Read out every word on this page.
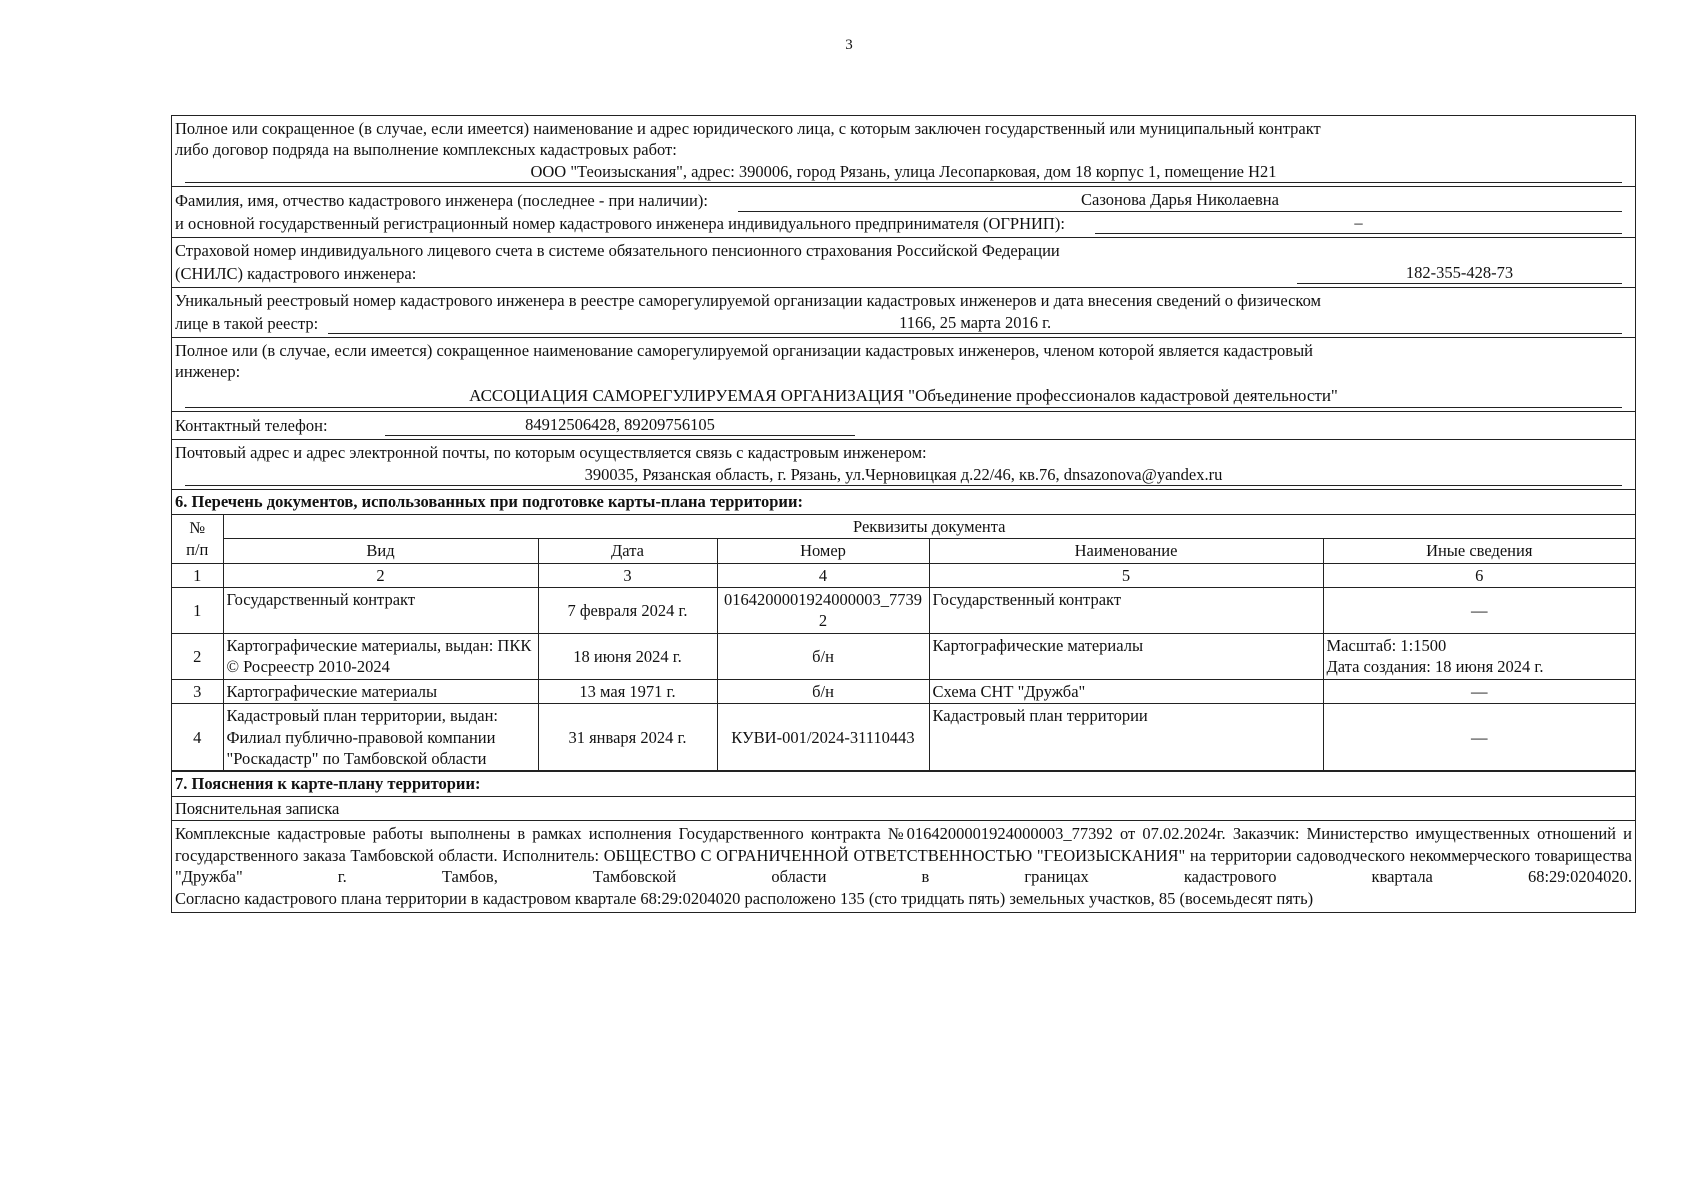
3
Полное или сокращенное (в случае, если имеется) наименование и адрес юридического лица, с которым заключен государственный или муниципальный контракт
либо договор подряда на выполнение комплексных кадастровых работ:
ООО "Теоизыскания", адрес: 390006, город Рязань, улица Лесопарковая, дом 18 корпус 1, помещение Н21
Фамилия, имя, отчество кадастрового инженера (последнее - при наличии):	Сазонова Дарья Николаевна
и основной государственный регистрационный номер кадастрового инженера индивидуального предпринимателя (ОГРНИП):	–
Страховой номер индивидуального лицевого счета в системе обязательного пенсионного страхования Российской Федерации
(СНИЛС) кадастрового инженера:	182-355-428-73
Уникальный реестровый номер кадастрового инженера в реестре саморегулируемой организации кадастровых инженеров и дата внесения сведений о физическом
лице в такой реестр:	1166, 25 марта 2016 г.
Полное или (в случае, если имеется) сокращенное наименование саморегулируемой организации кадастровых инженеров, членом которой является кадастровый
инженер:
АССОЦИАЦИЯ САМОРЕГУЛИРУЕМАЯ ОРГАНИЗАЦИЯ "Объединение профессионалов кадастровой деятельности"
Контактный телефон:	84912506428, 89209756105
Почтовый адрес и адрес электронной почты, по которым осуществляется связь с кадастровым инженером:
390035, Рязанская область, г. Рязань, ул.Черновицкая д.22/46, кв.76, dnsazonova@yandex.ru
6. Перечень документов, использованных при подготовке карты-плана территории:
№
п/п	Реквизиты документа				
	Вид	Дата	Номер	Наименование	Иные сведения
1	2	3	4	5	6
1	Государственный контракт	7 февраля 2024 г.	0164200001924000003_77392	Государственный контракт	—
2	Картографические материалы, выдан: ПКК © Росреестр 2010-2024	18 июня 2024 г.	б/н	Картографические материалы	Масштаб: 1:1500
Дата создания: 18 июня 2024 г.

3	Картографические материалы	13 мая 1971 г.	б/н	Схема СНТ "Дружба"	—
4	Кадастровый план территории, выдан: Филиал публично-правовой компании "Роскадастр" по Тамбовской области	31 января 2024 г.	КУВИ-001/2024-31110443	Кадастровый план территории	—
7. Пояснения к карте-плану территории:
Пояснительная записка
Комплексные кадастровые работы выполнены в рамках исполнения Государственного контракта №0164200001924000003_77392 от 07.02.2024г. Заказчик: Министерство имущественных отношений и государственного заказа Тамбовской области. Исполнитель: ОБЩЕСТВО С ОГРАНИЧЕННОЙ ОТВЕТСТВЕННОСТЬЮ "ГЕОИЗЫСКАНИЯ" на территории садоводческого некоммерческого товарищества "Дружба" г. Тамбов, Тамбовской области в границах кадастрового квартала 68:29:0204020.
Согласно кадастрового плана территории в кадастровом квартале 68:29:0204020 расположено 135 (сто тридцать пять) земельных участков, 85 (восемьдесят пять)
